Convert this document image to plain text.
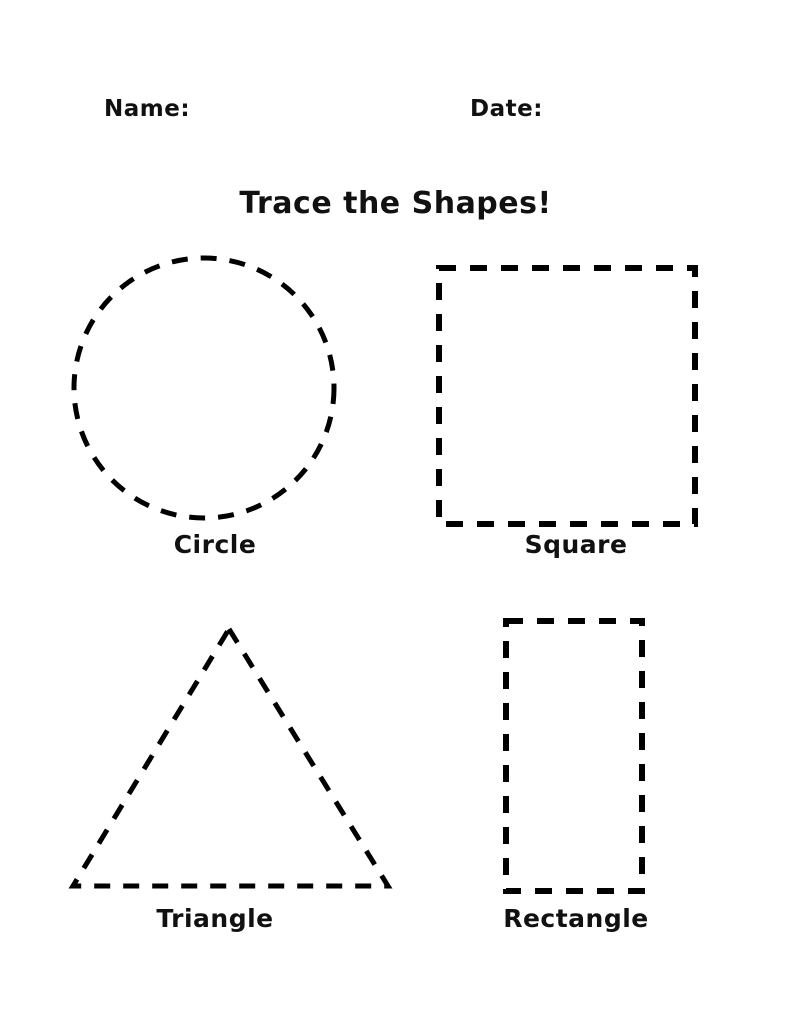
Name:	Date:
Trace the Shapes!
Circle	Square
Triangle	Rectangle
